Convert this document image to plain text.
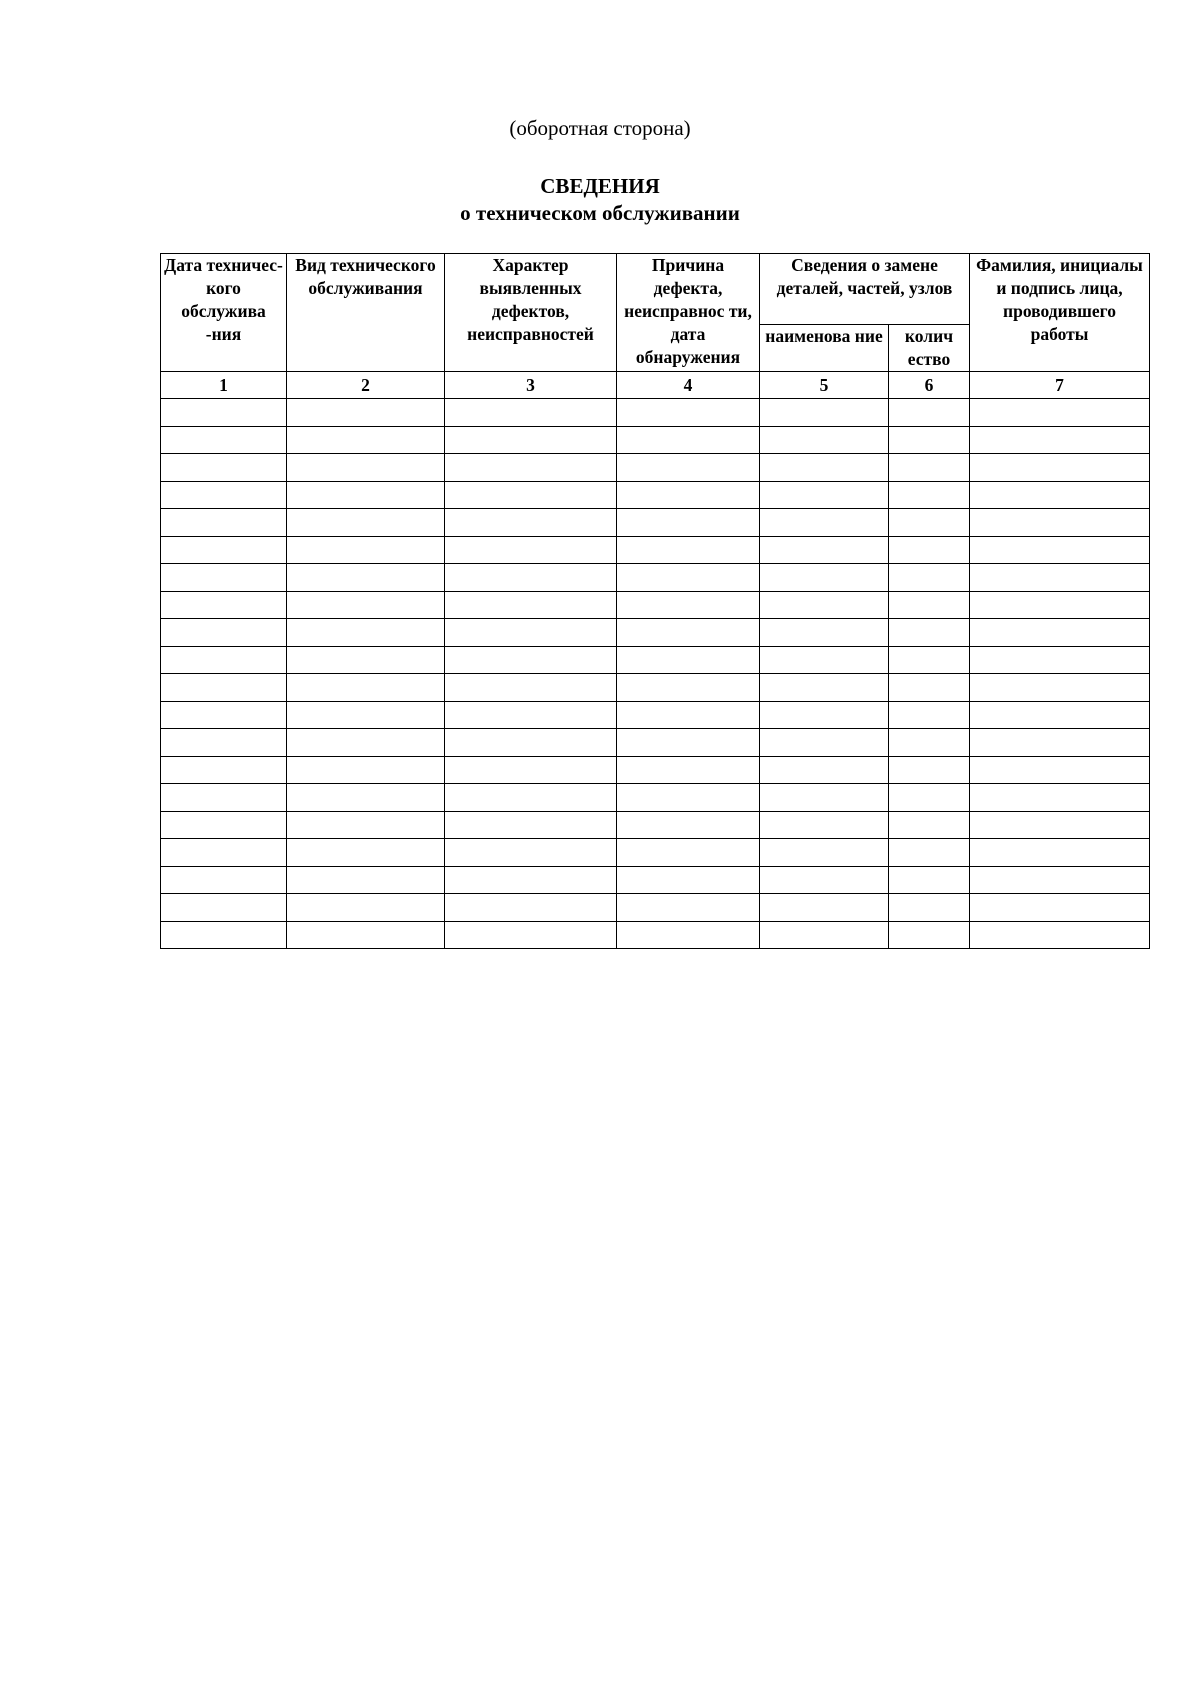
(оборотная сторона)
СВЕДЕНИЯ
о техническом обслуживании
Дата техничес-кого обслужива -ния	Вид технического обслуживания	Характер выявленных дефектов, неисправностей	Причина дефекта, неисправнос ти, дата обнаружения	Сведения о замене деталей, частей, узлов		Фамилия, инициалы и подпись лица, проводившего работы
				наименова ние	колич ество	
1	2	3	4	5	6	7
